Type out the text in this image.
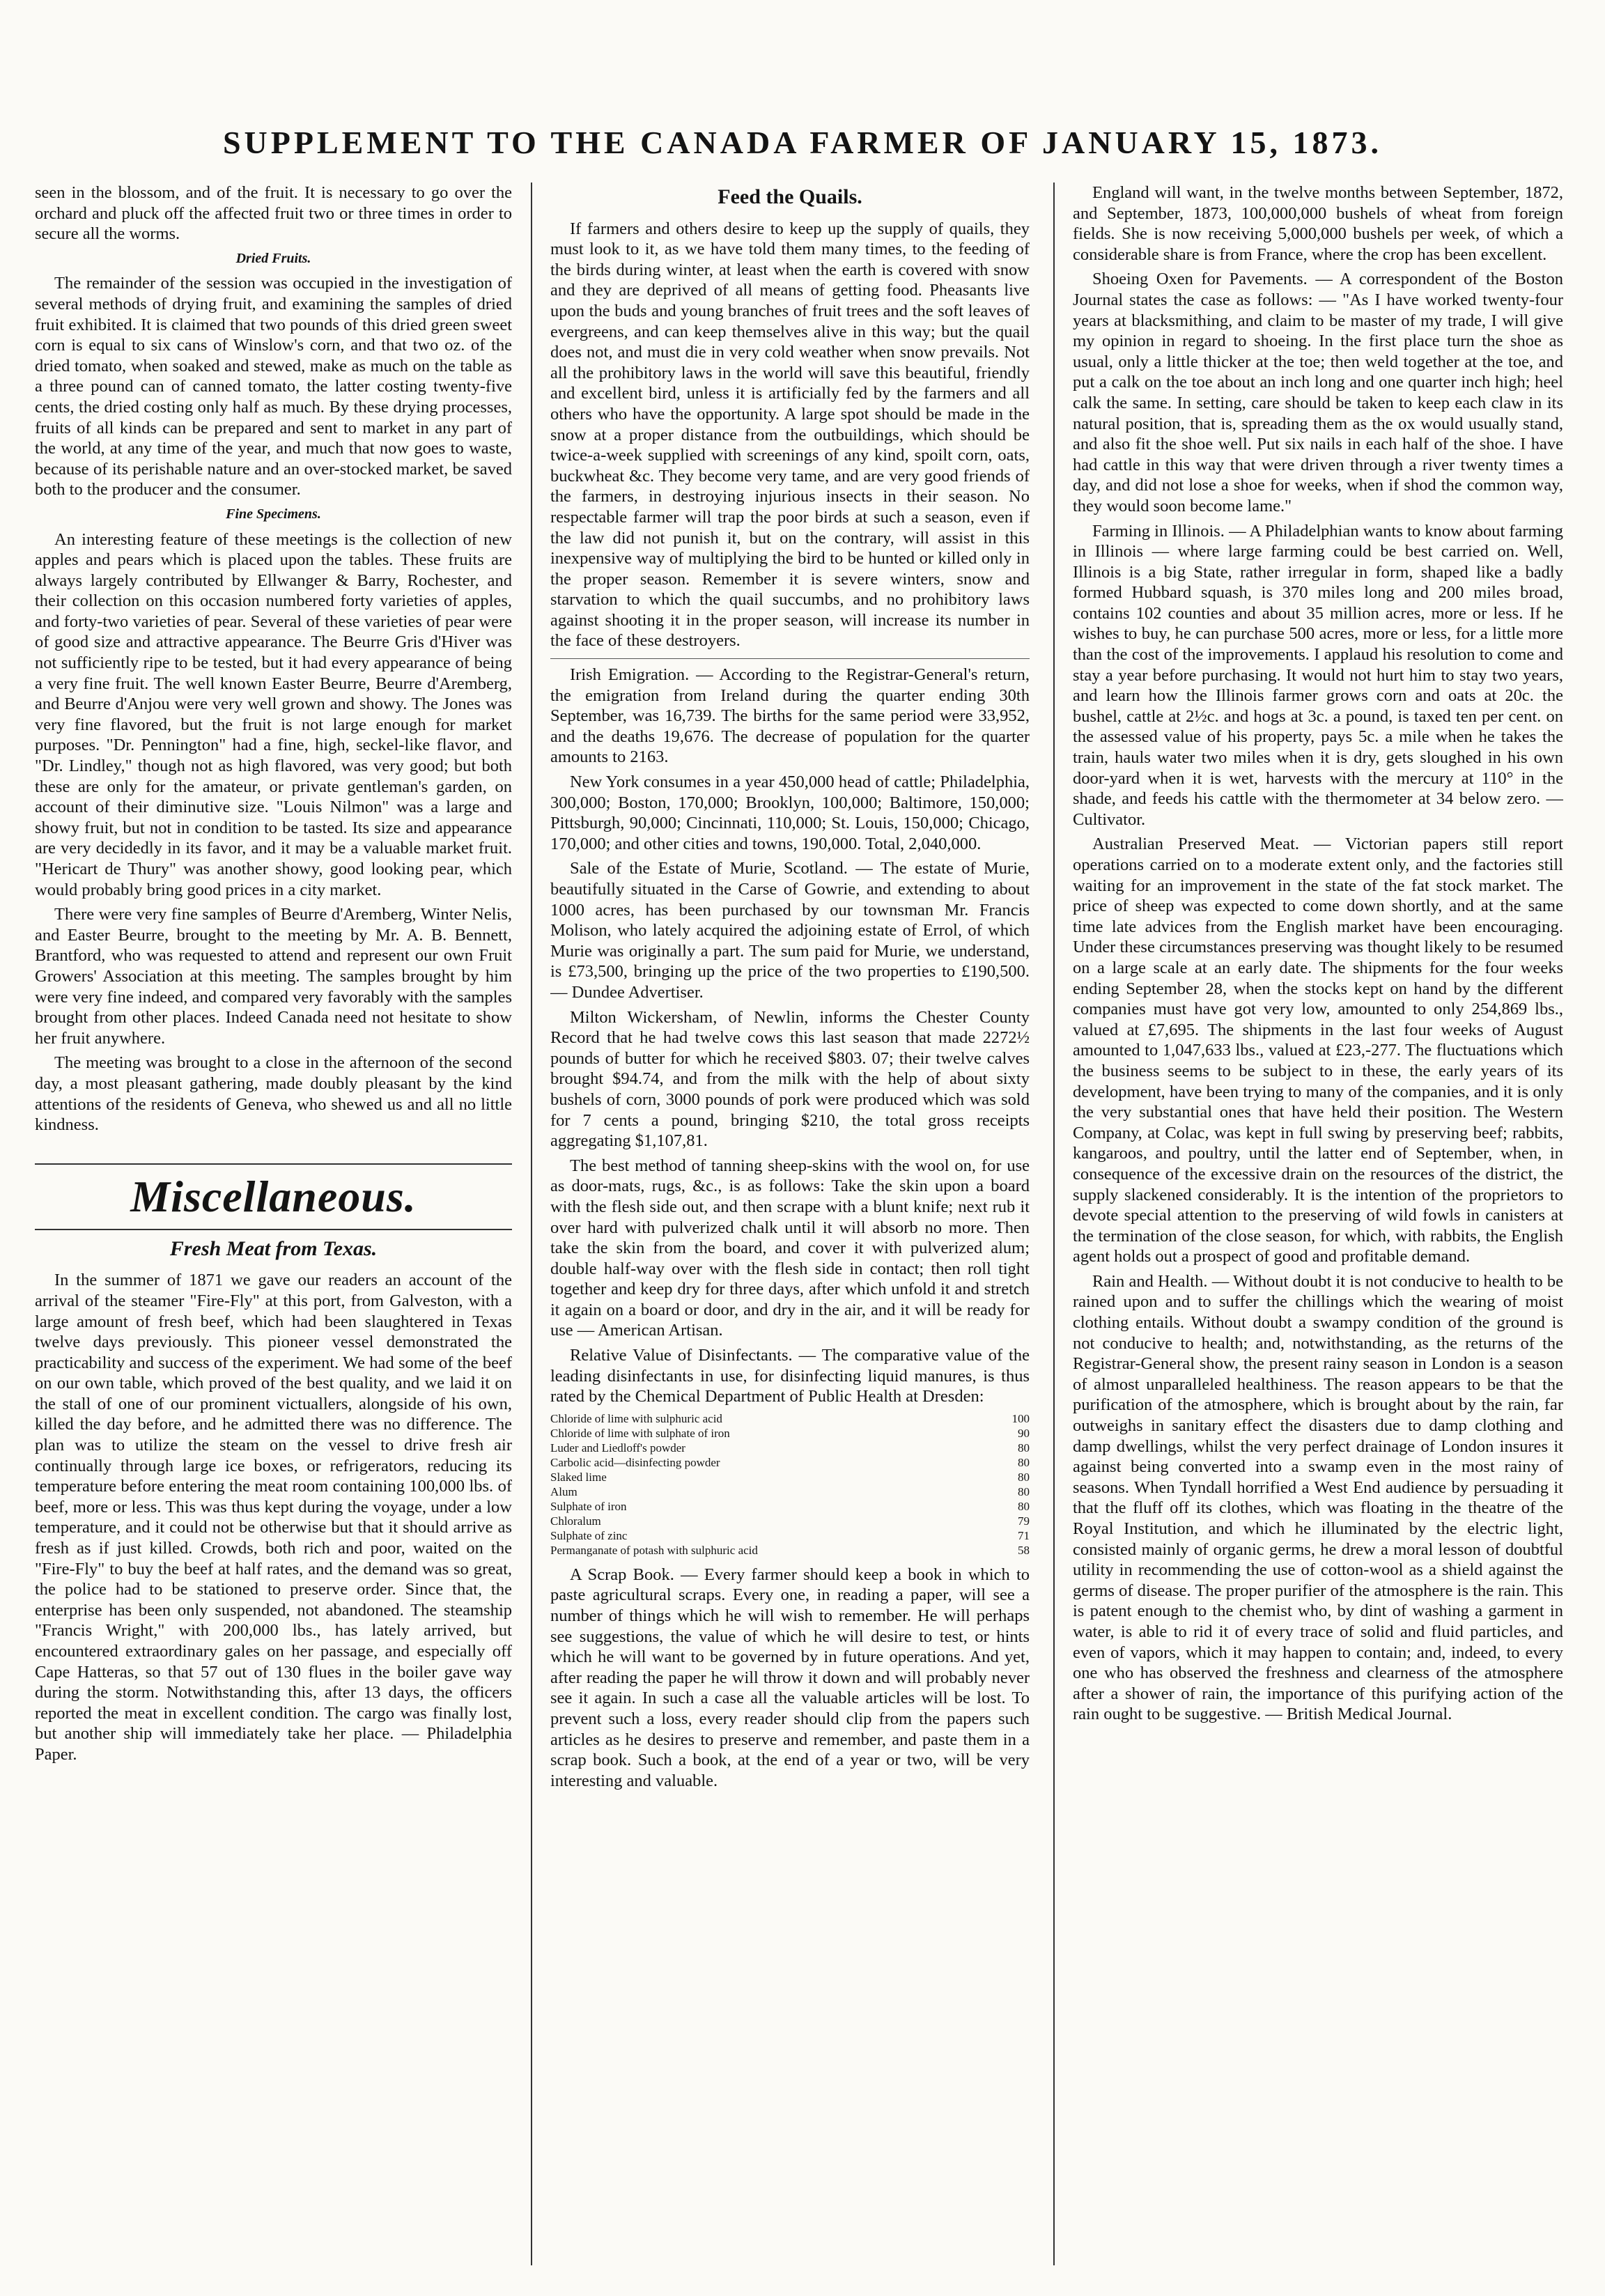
SUPPLEMENT TO THE CANADA FARMER OF JANUARY 15, 1873.

seen in the blossom, and of the fruit. It is necessary to go over the orchard and pluck off the affected fruit two or three times in order to secure all the worms.

Dried Fruits.

The remainder of the session was occupied in the investigation of several methods of drying fruit, and examining the samples of dried fruit exhibited. It is claimed that two pounds of this dried green sweet corn is equal to six cans of Winslow's corn, and that two oz. of the dried tomato, when soaked and stewed, make as much on the table as a three pound can of canned tomato, the latter costing twenty-five cents, the dried costing only half as much. By these drying processes, fruits of all kinds can be prepared and sent to market in any part of the world, at any time of the year, and much that now goes to waste, because of its perishable nature and an over-stocked market, be saved both to the producer and the consumer.

Fine Specimens.

An interesting feature of these meetings is the collection of new apples and pears which is placed upon the tables. These fruits are always largely contributed by Ellwanger & Barry, Rochester, and their collection on this occasion numbered forty varieties of apples, and forty-two varieties of pear. Several of these varieties of pear were of good size and attractive appearance. The Beurre Gris d'Hiver was not sufficiently ripe to be tested, but it had every appearance of being a very fine fruit. The well known Easter Beurre, Beurre d'Aremberg, and Beurre d'Anjou were very well grown and showy. The Jones was very fine flavored, but the fruit is not large enough for market purposes. "Dr. Pennington" had a fine, high, seckel-like flavor, and "Dr. Lindley," though not as high flavored, was very good; but both these are only for the amateur, or private gentleman's garden, on account of their diminutive size. "Louis Nilmon" was a large and showy fruit, but not in condition to be tasted. Its size and appearance are very decidedly in its favor, and it may be a valuable market fruit. "Hericart de Thury" was another showy, good looking pear, which would probably bring good prices in a city market.

There were very fine samples of Beurre d'Aremberg, Winter Nelis, and Easter Beurre, brought to the meeting by Mr. A. B. Bennett, Brantford, who was requested to attend and represent our own Fruit Growers' Association at this meeting. The samples brought by him were very fine indeed, and compared very favorably with the samples brought from other places. Indeed Canada need not hesitate to show her fruit anywhere.

The meeting was brought to a close in the afternoon of the second day, a most pleasant gathering, made doubly pleasant by the kind attentions of the residents of Geneva, who shewed us and all no little kindness.

Miscellaneous.
Fresh Meat from Texas.

In the summer of 1871 we gave our readers an account of the arrival of the steamer "Fire-Fly" at this port, from Galveston, with a large amount of fresh beef, which had been slaughtered in Texas twelve days previously. This pioneer vessel demonstrated the practicability and success of the experiment. We had some of the beef on our own table, which proved of the best quality, and we laid it on the stall of one of our prominent victuallers, alongside of his own, killed the day before, and he admitted there was no difference. The plan was to utilize the steam on the vessel to drive fresh air continually through large ice boxes, or refrigerators, reducing its temperature before entering the meat room containing 100,000 lbs. of beef, more or less. This was thus kept during the voyage, under a low temperature, and it could not be otherwise but that it should arrive as fresh as if just killed. Crowds, both rich and poor, waited on the "Fire-Fly" to buy the beef at half rates, and the demand was so great, the police had to be stationed to preserve order. Since that, the enterprise has been only suspended, not abandoned. The steamship "Francis Wright," with 200,000 lbs., has lately arrived, but encountered extraordinary gales on her passage, and especially off Cape Hatteras, so that 57 out of 130 flues in the boiler gave way during the storm. Notwithstanding this, after 13 days, the officers reported the meat in excellent condition. The cargo was finally lost, but another ship will immediately take her place. — Philadelphia Paper.

Feed the Quails.

If farmers and others desire to keep up the supply of quails, they must look to it, as we have told them many times, to the feeding of the birds during winter, at least when the earth is covered with snow and they are deprived of all means of getting food. Pheasants live upon the buds and young branches of fruit trees and the soft leaves of evergreens, and can keep themselves alive in this way; but the quail does not, and must die in very cold weather when snow prevails. Not all the prohibitory laws in the world will save this beautiful, friendly and excellent bird, unless it is artificially fed by the farmers and all others who have the opportunity. A large spot should be made in the snow at a proper distance from the outbuildings, which should be twice-a-week supplied with screenings of any kind, spoilt corn, oats, buckwheat &c. They become very tame, and are very good friends of the farmers, in destroying injurious insects in their season. No respectable farmer will trap the poor birds at such a season, even if the law did not punish it, but on the contrary, will assist in this inexpensive way of multiplying the bird to be hunted or killed only in the proper season. Remember it is severe winters, snow and starvation to which the quail succumbs, and no prohibitory laws against shooting it in the proper season, will increase its number in the face of these destroyers.

Irish Emigration. — According to the Registrar-General's return, the emigration from Ireland during the quarter ending 30th September, was 16,739. The births for the same period were 33,952, and the deaths 19,676. The decrease of population for the quarter amounts to 2163.

New York consumes in a year 450,000 head of cattle; Philadelphia, 300,000; Boston, 170,000; Brooklyn, 100,000; Baltimore, 150,000; Pittsburgh, 90,000; Cincinnati, 110,000; St. Louis, 150,000; Chicago, 170,000; and other cities and towns, 190,000. Total, 2,040,000.

Sale of the Estate of Murie, Scotland. — The estate of Murie, beautifully situated in the Carse of Gowrie, and extending to about 1000 acres, has been purchased by our townsman Mr. Francis Molison, who lately acquired the adjoining estate of Errol, of which Murie was originally a part. The sum paid for Murie, we understand, is £73,500, bringing up the price of the two properties to £190,500. — Dundee Advertiser.

Milton Wickersham, of Newlin, informs the Chester County Record that he had twelve cows this last season that made 2272½ pounds of butter for which he received $803. 07; their twelve calves brought $94.74, and from the milk with the help of about sixty bushels of corn, 3000 pounds of pork were produced which was sold for 7 cents a pound, bringing $210, the total gross receipts aggregating $1,107,81.

The best method of tanning sheep-skins with the wool on, for use as door-mats, rugs, &c., is as follows: Take the skin upon a board with the flesh side out, and then scrape with a blunt knife; next rub it over hard with pulverized chalk until it will absorb no more. Then take the skin from the board, and cover it with pulverized alum; double half-way over with the flesh side in contact; then roll tight together and keep dry for three days, after which unfold it and stretch it again on a board or door, and dry in the air, and it will be ready for use — American Artisan.

Relative Value of Disinfectants. — The comparative value of the leading disinfectants in use, for disinfecting liquid manures, is thus rated by the Chemical Department of Public Health at Dresden:

Chloride of lime with sulphuric acid	100
Chloride of lime with sulphate of iron	90
Luder and Liedloff's powder	80
Carbolic acid—disinfecting powder	80
Slaked lime	80
Alum	80
Sulphate of iron	80
Chloralum	79
Sulphate of zinc	71
Permanganate of potash with sulphuric acid	58

A Scrap Book. — Every farmer should keep a book in which to paste agricultural scraps. Every one, in reading a paper, will see a number of things which he will wish to remember. He will perhaps see suggestions, the value of which he will desire to test, or hints which he will want to be governed by in future operations. And yet, after reading the paper he will throw it down and will probably never see it again. In such a case all the valuable articles will be lost. To prevent such a loss, every reader should clip from the papers such articles as he desires to preserve and remember, and paste them in a scrap book. Such a book, at the end of a year or two, will be very interesting and valuable.

England will want, in the twelve months between September, 1872, and September, 1873, 100,000,000 bushels of wheat from foreign fields. She is now receiving 5,000,000 bushels per week, of which a considerable share is from France, where the crop has been excellent.

Shoeing Oxen for Pavements. — A correspondent of the Boston Journal states the case as follows: — "As I have worked twenty-four years at blacksmithing, and claim to be master of my trade, I will give my opinion in regard to shoeing. In the first place turn the shoe as usual, only a little thicker at the toe; then weld together at the toe, and put a calk on the toe about an inch long and one quarter inch high; heel calk the same. In setting, care should be taken to keep each claw in its natural position, that is, spreading them as the ox would usually stand, and also fit the shoe well. Put six nails in each half of the shoe. I have had cattle in this way that were driven through a river twenty times a day, and did not lose a shoe for weeks, when if shod the common way, they would soon become lame."

Farming in Illinois. — A Philadelphian wants to know about farming in Illinois — where large farming could be best carried on. Well, Illinois is a big State, rather irregular in form, shaped like a badly formed Hubbard squash, is 370 miles long and 200 miles broad, contains 102 counties and about 35 million acres, more or less. If he wishes to buy, he can purchase 500 acres, more or less, for a little more than the cost of the improvements. I applaud his resolution to come and stay a year before purchasing. It would not hurt him to stay two years, and learn how the Illinois farmer grows corn and oats at 20c. the bushel, cattle at 2½c. and hogs at 3c. a pound, is taxed ten per cent. on the assessed value of his property, pays 5c. a mile when he takes the train, hauls water two miles when it is dry, gets sloughed in his own door-yard when it is wet, harvests with the mercury at 110° in the shade, and feeds his cattle with the thermometer at 34 below zero. — Cultivator.

Australian Preserved Meat. — Victorian papers still report operations carried on to a moderate extent only, and the factories still waiting for an improvement in the state of the fat stock market. The price of sheep was expected to come down shortly, and at the same time late advices from the English market have been encouraging. Under these circumstances preserving was thought likely to be resumed on a large scale at an early date. The shipments for the four weeks ending September 28, when the stocks kept on hand by the different companies must have got very low, amounted to only 254,869 lbs., valued at £7,695. The shipments in the last four weeks of August amounted to 1,047,633 lbs., valued at £23,-277. The fluctuations which the business seems to be subject to in these, the early years of its development, have been trying to many of the companies, and it is only the very substantial ones that have held their position. The Western Company, at Colac, was kept in full swing by preserving beef; rabbits, kangaroos, and poultry, until the latter end of September, when, in consequence of the excessive drain on the resources of the district, the supply slackened considerably. It is the intention of the proprietors to devote special attention to the preserving of wild fowls in canisters at the termination of the close season, for which, with rabbits, the English agent holds out a prospect of good and profitable demand.

Rain and Health. — Without doubt it is not conducive to health to be rained upon and to suffer the chillings which the wearing of moist clothing entails. Without doubt a swampy condition of the ground is not conducive to health; and, notwithstanding, as the returns of the Registrar-General show, the present rainy season in London is a season of almost unparalleled healthiness. The reason appears to be that the purification of the atmosphere, which is brought about by the rain, far outweighs in sanitary effect the disasters due to damp clothing and damp dwellings, whilst the very perfect drainage of London insures it against being converted into a swamp even in the most rainy of seasons. When Tyndall horrified a West End audience by persuading it that the fluff off its clothes, which was floating in the theatre of the Royal Institution, and which he illuminated by the electric light, consisted mainly of organic germs, he drew a moral lesson of doubtful utility in recommending the use of cotton-wool as a shield against the germs of disease. The proper purifier of the atmosphere is the rain. This is patent enough to the chemist who, by dint of washing a garment in water, is able to rid it of every trace of solid and fluid particles, and even of vapors, which it may happen to contain; and, indeed, to every one who has observed the freshness and clearness of the atmosphere after a shower of rain, the importance of this purifying action of the rain ought to be suggestive. — British Medical Journal.
